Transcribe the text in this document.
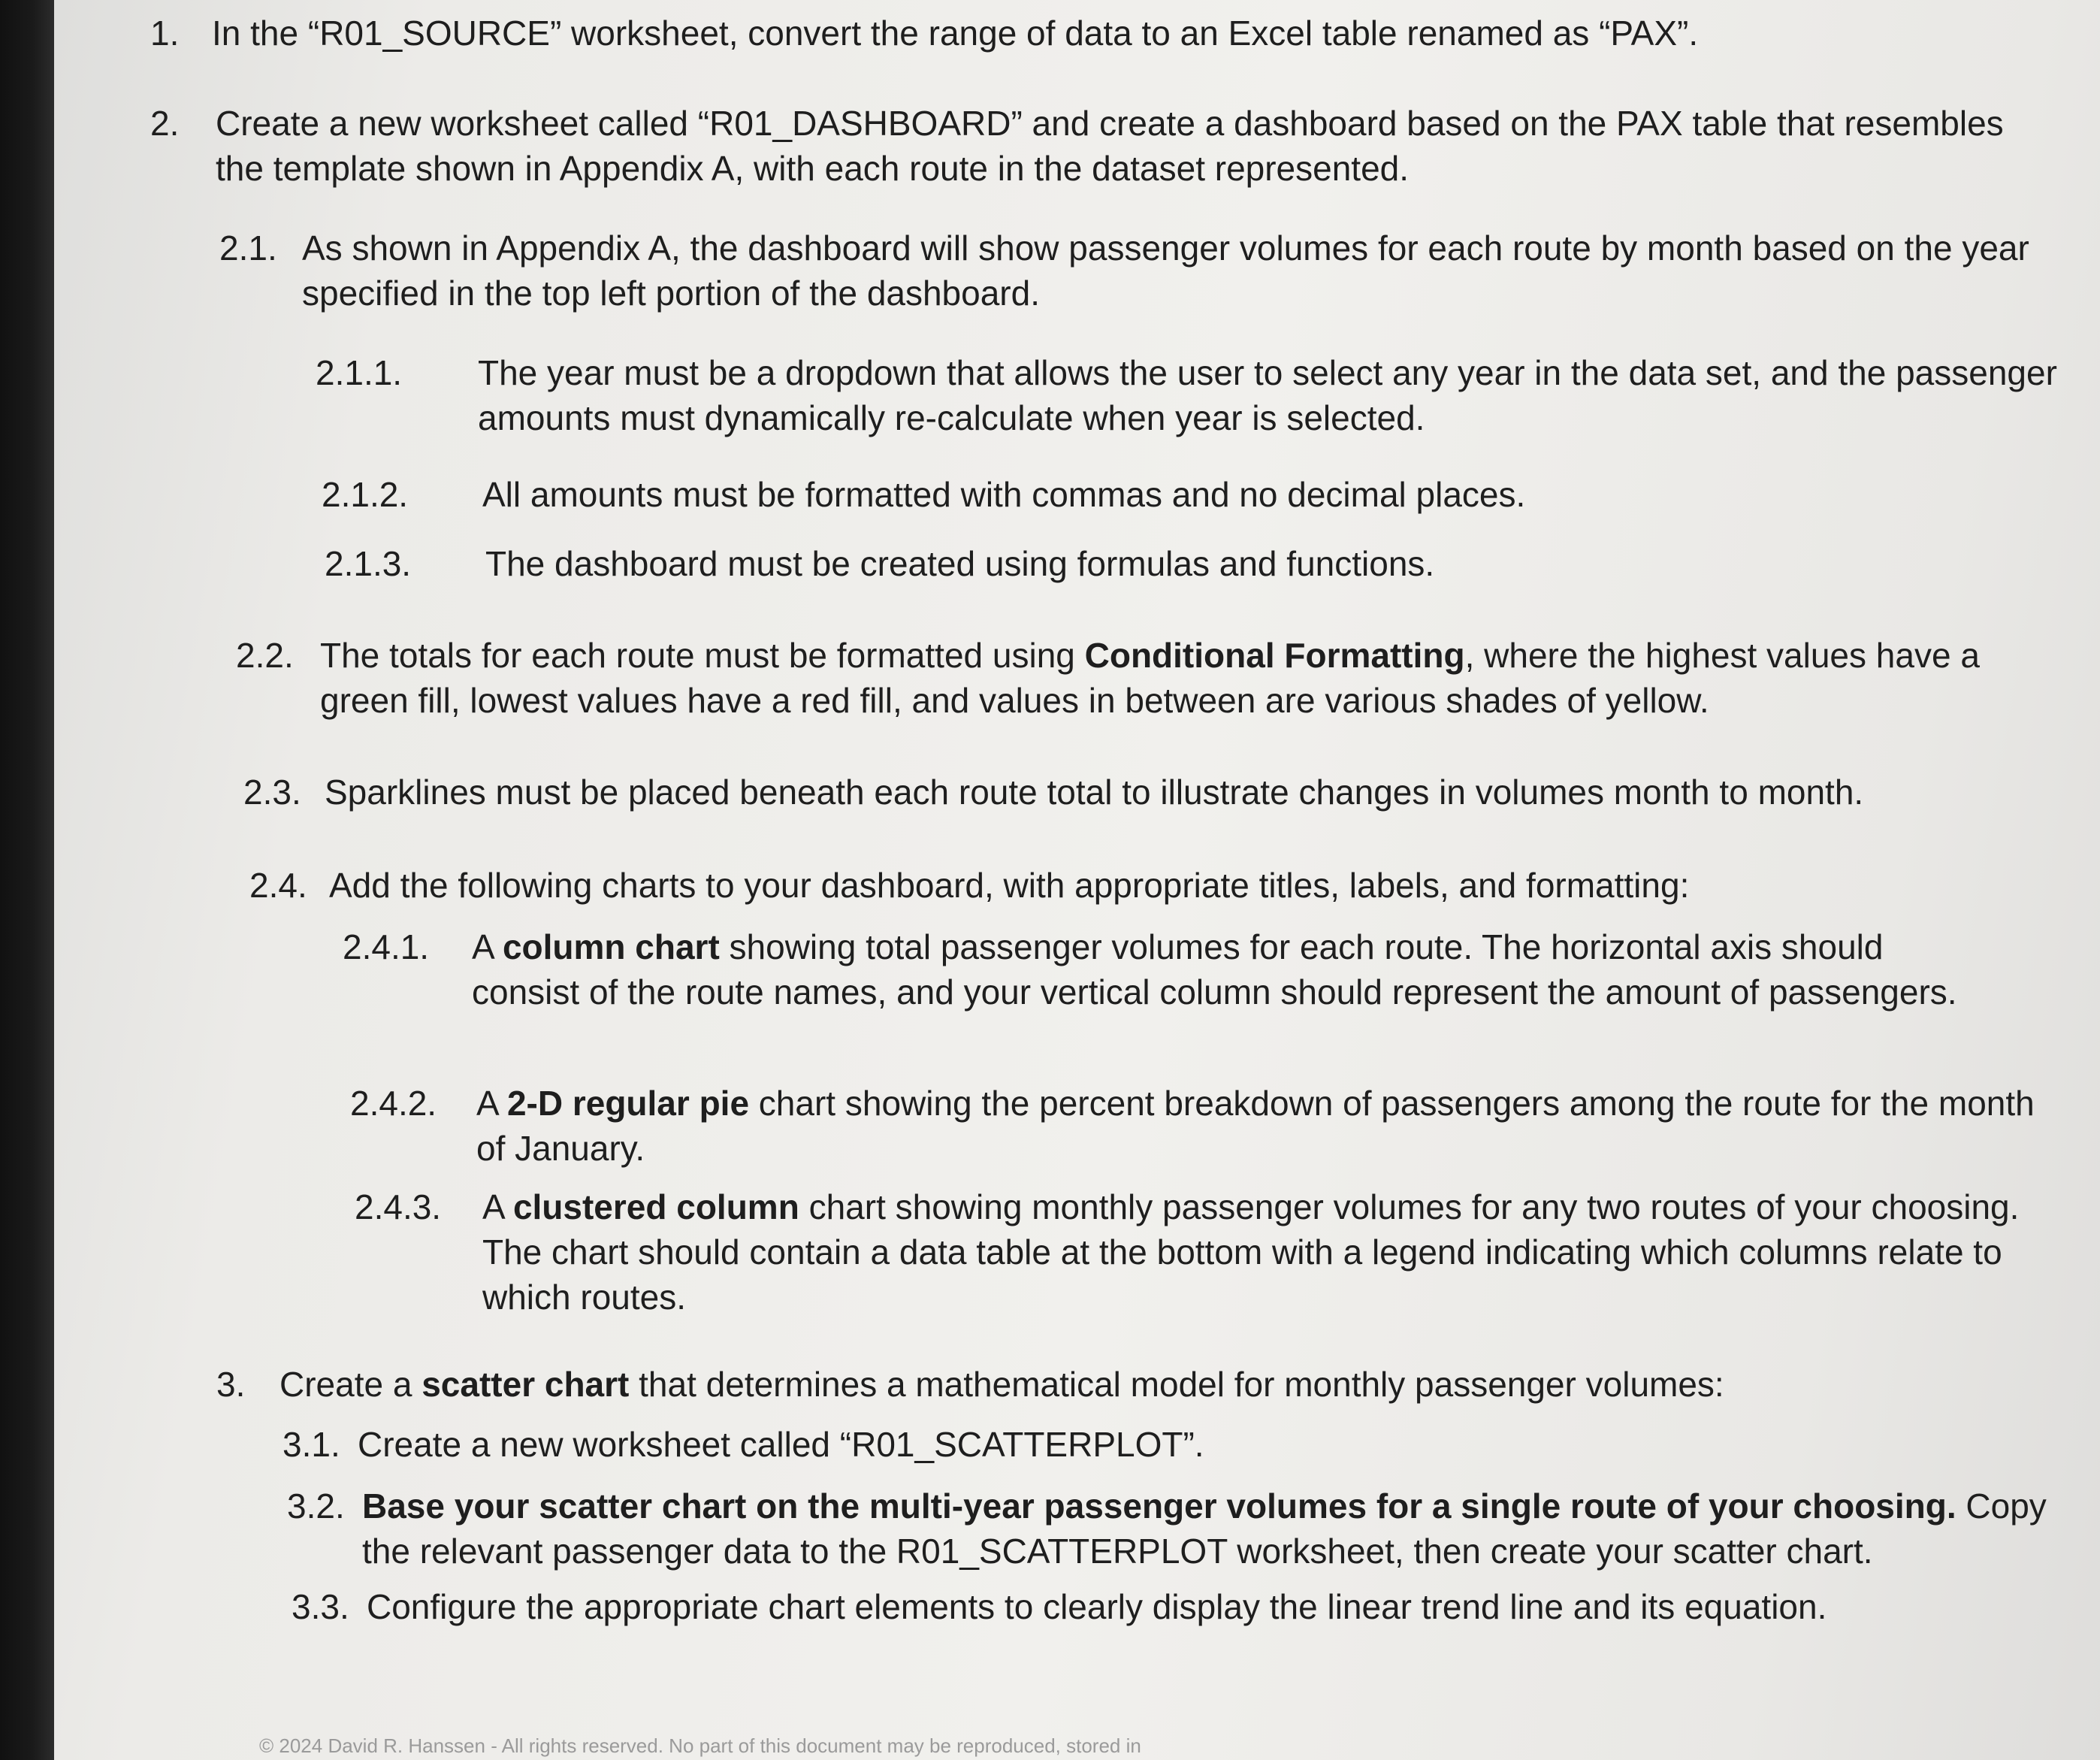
1. In the “R01_SOURCE” worksheet, convert the range of data to an Excel table renamed as “PAX”.
2. Create a new worksheet called “R01_DASHBOARD” and create a dashboard based on the PAX table that resembles the template shown in Appendix A, with each route in the dataset represented.
2.1. As shown in Appendix A, the dashboard will show passenger volumes for each route by month based on the year specified in the top left portion of the dashboard.
2.1.1. The year must be a dropdown that allows the user to select any year in the data set, and the passenger amounts must dynamically re-calculate when year is selected.
2.1.2. All amounts must be formatted with commas and no decimal places.
2.1.3. The dashboard must be created using formulas and functions.
2.2. The totals for each route must be formatted using Conditional Formatting, where the highest values have a green fill, lowest values have a red fill, and values in between are various shades of yellow.
2.3. Sparklines must be placed beneath each route total to illustrate changes in volumes month to month.
2.4. Add the following charts to your dashboard, with appropriate titles, labels, and formatting:
2.4.1. A column chart showing total passenger volumes for each route. The horizontal axis should consist of the route names, and your vertical column should represent the amount of passengers.
2.4.2. A 2-D regular pie chart showing the percent breakdown of passengers among the route for the month of January.
2.4.3. A clustered column chart showing monthly passenger volumes for any two routes of your choosing. The chart should contain a data table at the bottom with a legend indicating which columns relate to which routes.
3. Create a scatter chart that determines a mathematical model for monthly passenger volumes:
3.1. Create a new worksheet called “R01_SCATTERPLOT”.
3.2. Base your scatter chart on the multi-year passenger volumes for a single route of your choosing. Copy the relevant passenger data to the R01_SCATTERPLOT worksheet, then create your scatter chart.
3.3. Configure the appropriate chart elements to clearly display the linear trend line and its equation.
© 2024 David R. Hanssen - All rights reserved. No part of this document may be reproduced, stored in
